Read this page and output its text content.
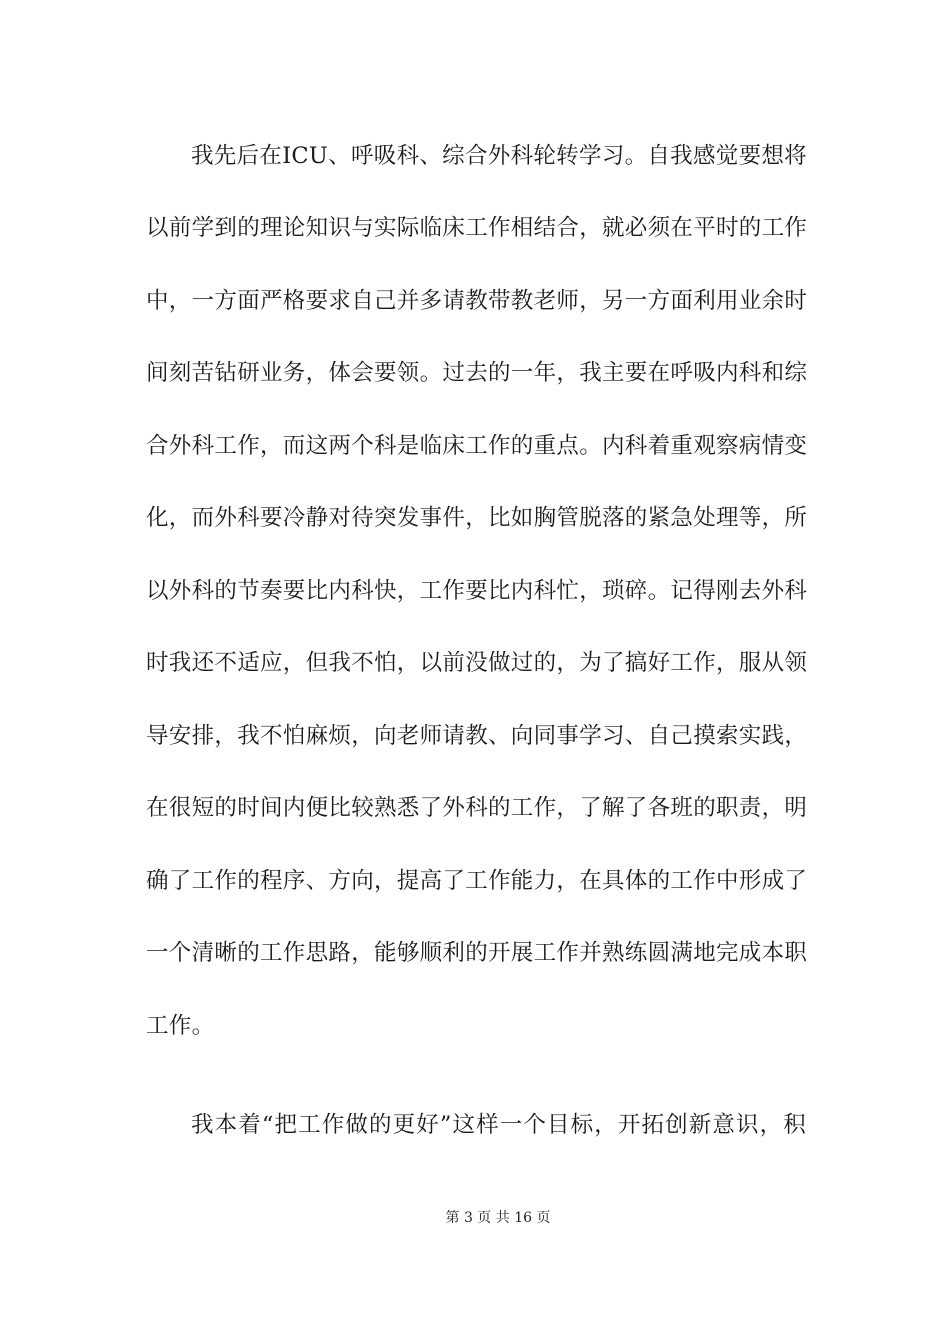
我先后在ICU、呼吸科、综合外科轮转学习。自我感觉要想将
以前学到的理论知识与实际临床工作相结合，就必须在平时的工作
中，一方面严格要求自己并多请教带教老师，另一方面利用业余时
间刻苦钻研业务，体会要领。过去的一年，我主要在呼吸内科和综
合外科工作，而这两个科是临床工作的重点。内科着重观察病情变
化，而外科要冷静对待突发事件，比如胸管脱落的紧急处理等，所
以外科的节奏要比内科快，工作要比内科忙，琐碎。记得刚去外科
时我还不适应，但我不怕，以前没做过的，为了搞好工作，服从领
导安排，我不怕麻烦，向老师请教、向同事学习、自己摸索实践，
在很短的时间内便比较熟悉了外科的工作，了解了各班的职责，明
确了工作的程序、方向，提高了工作能力，在具体的工作中形成了
一个清晰的工作思路，能够顺利的开展工作并熟练圆满地完成本职
工作。
我本着“把工作做的更好”这样一个目标，开拓创新意识，积
第 3 页 共 16 页
